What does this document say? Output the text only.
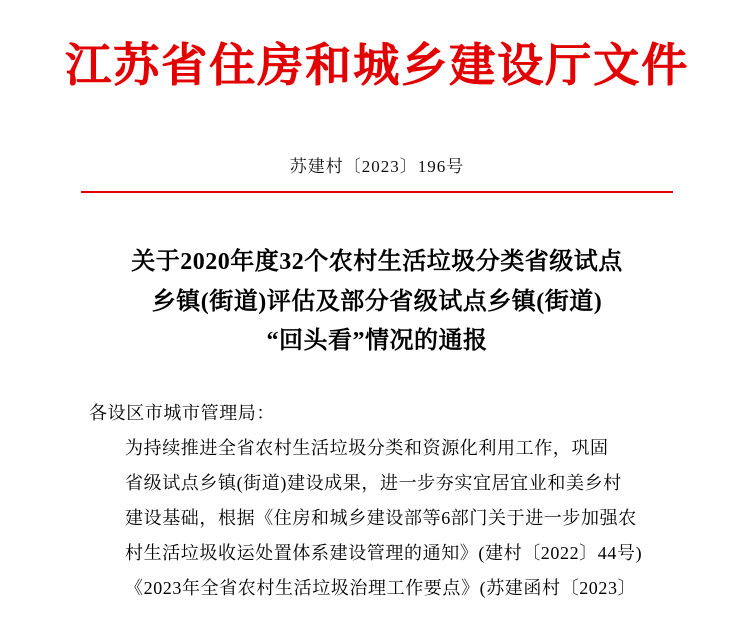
江苏省住房和城乡建设厅文件
苏建村〔2023〕196号
关于2020年度32个农村生活垃圾分类省级试点
乡镇(街道)评估及部分省级试点乡镇(街道)
“回头看”情况的通报
各设区市城市管理局：
为持续推进全省农村生活垃圾分类和资源化利用工作，巩固
省级试点乡镇(街道)建设成果，进一步夯实宜居宜业和美乡村
建设基础，根据《住房和城乡建设部等6部门关于进一步加强农
村生活垃圾收运处置体系建设管理的通知》(建村〔2022〕44号)
《2023年全省农村生活垃圾治理工作要点》(苏建函村〔2023〕
